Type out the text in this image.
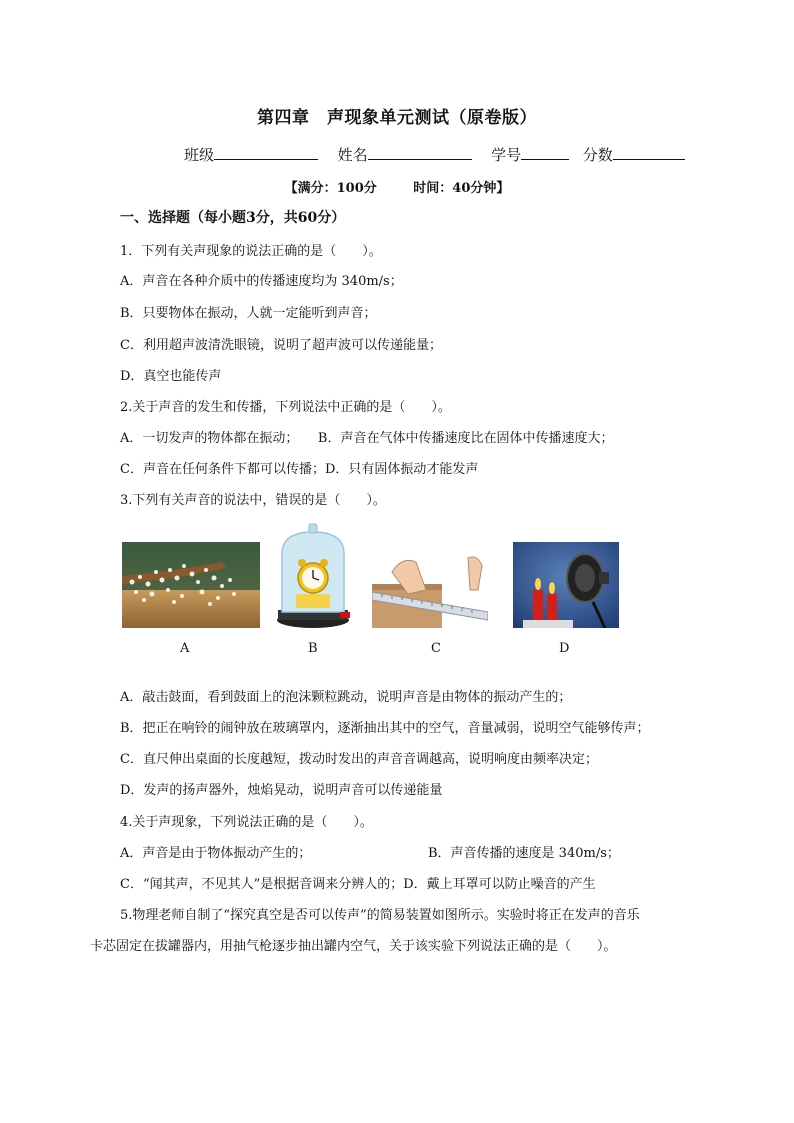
第四章　声现象单元测试（原卷版）
班级	姓名	学号	分数
【满分：100分	时间：40分钟】
一、选择题（每小题3分，共60分）
1．下列有关声现象的说法正确的是（　　）。
A．声音在各种介质中的传播速度均为 340m/s；
B．只要物体在振动，人就一定能听到声音；
C．利用超声波清洗眼镜，说明了超声波可以传递能量；
D．真空也能传声
2.关于声音的发生和传播，下列说法中正确的是（　　）。
A．一切发声的物体都在振动；　　B．声音在气体中传播速度比在固体中传播速度大；
C．声音在任何条件下都可以传播；D．只有固体振动才能发声
3.下列有关声音的说法中，错误的是（　　）。
A	B	C	D
A．敲击鼓面，看到鼓面上的泡沫颗粒跳动，说明声音是由物体的振动产生的；
B．把正在响铃的闹钟放在玻璃罩内，逐渐抽出其中的空气，音量减弱，说明空气能够传声；
C．直尺伸出桌面的长度越短，拨动时发出的声音音调越高，说明响度由频率决定；
D．发声的扬声器外，烛焰晃动，说明声音可以传递能量
4.关于声现象，下列说法正确的是（　　）。
A．声音是由于物体振动产生的；	B．声音传播的速度是 340m/s；
C．“闻其声，不见其人”是根据音调来分辨人的；D．戴上耳罩可以防止噪音的产生
5.物理老师自制了“探究真空是否可以传声”的简易装置如图所示。实验时将正在发声的音乐
卡芯固定在拔罐器内，用抽气枪逐步抽出罐内空气，关于该实验下列说法正确的是（　　）。
